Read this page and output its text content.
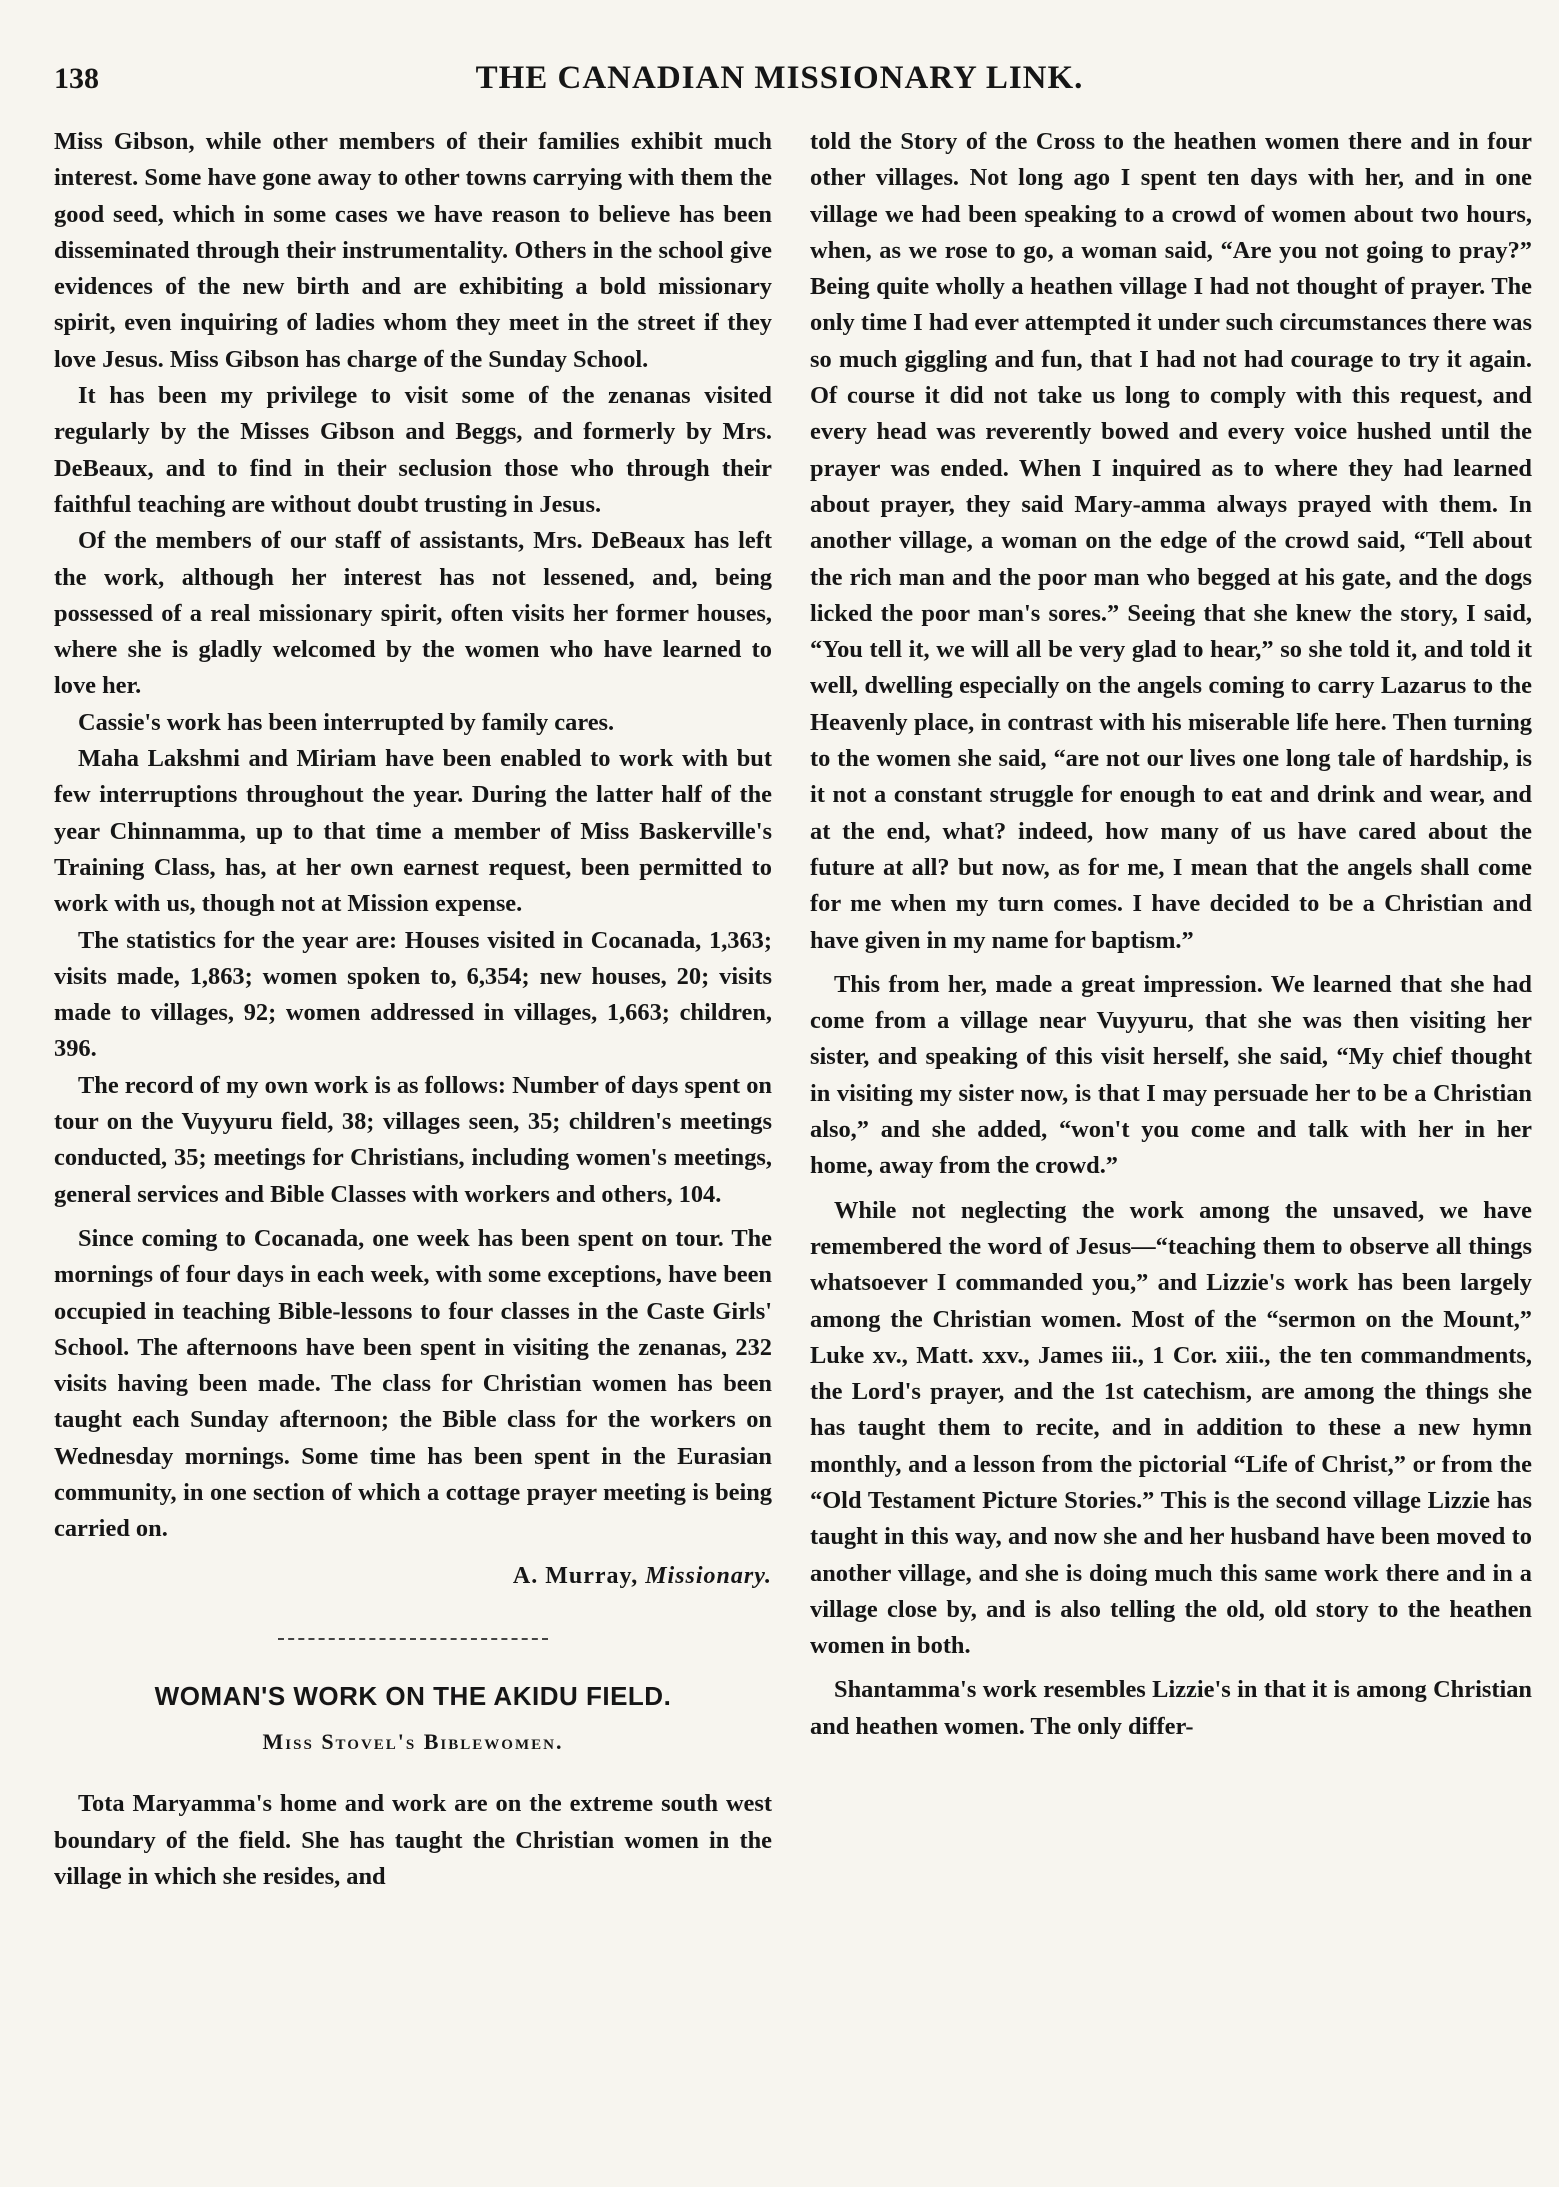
138	THE CANADIAN MISSIONARY LINK.

Miss Gibson, while other members of their families exhibit much interest. Some have gone away to other towns carrying with them the good seed, which in some cases we have reason to believe has been disseminated through their instrumentality. Others in the school give evidences of the new birth and are exhibiting a bold missionary spirit, even inquiring of ladies whom they meet in the street if they love Jesus. Miss Gibson has charge of the Sunday School.

It has been my privilege to visit some of the zenanas visited regularly by the Misses Gibson and Beggs, and formerly by Mrs. DeBeaux, and to find in their seclusion those who through their faithful teaching are without doubt trusting in Jesus.

Of the members of our staff of assistants, Mrs. DeBeaux has left the work, although her interest has not lessened, and, being possessed of a real missionary spirit, often visits her former houses, where she is gladly welcomed by the women who have learned to love her.

Cassie's work has been interrupted by family cares.

Maha Lakshmi and Miriam have been enabled to work with but few interruptions throughout the year. During the latter half of the year Chinnamma, up to that time a member of Miss Baskerville's Training Class, has, at her own earnest request, been permitted to work with us, though not at Mission expense.

The statistics for the year are: Houses visited in Cocanada, 1,363; visits made, 1,863; women spoken to, 6,354; new houses, 20; visits made to villages, 92; women addressed in villages, 1,663; children, 396.

The record of my own work is as follows: Number of days spent on tour on the Vuyyuru field, 38; villages seen, 35; children's meetings conducted, 35; meetings for Christians, including women's meetings, general services and Bible Classes with workers and others, 104.

Since coming to Cocanada, one week has been spent on tour. The mornings of four days in each week, with some exceptions, have been occupied in teaching Bible-lessons to four classes in the Caste Girls' School. The afternoons have been spent in visiting the zenanas, 232 visits having been made. The class for Christian women has been taught each Sunday afternoon; the Bible class for the workers on Wednesday mornings. Some time has been spent in the Eurasian community, in one section of which a cottage prayer meeting is being carried on.

A. Murray, Missionary.
WOMAN'S WORK ON THE AKIDU FIELD.
Miss Stovel's Biblewomen.

Tota Maryamma's home and work are on the extreme south west boundary of the field. She has taught the Christian women in the village in which she resides, and

told the Story of the Cross to the heathen women there and in four other villages. Not long ago I spent ten days with her, and in one village we had been speaking to a crowd of women about two hours, when, as we rose to go, a woman said, “Are you not going to pray?” Being quite wholly a heathen village I had not thought of prayer. The only time I had ever attempted it under such circumstances there was so much giggling and fun, that I had not had courage to try it again. Of course it did not take us long to comply with this request, and every head was reverently bowed and every voice hushed until the prayer was ended. When I inquired as to where they had learned about prayer, they said Mary-amma always prayed with them. In another village, a woman on the edge of the crowd said, “Tell about the rich man and the poor man who begged at his gate, and the dogs licked the poor man's sores.” Seeing that she knew the story, I said, “You tell it, we will all be very glad to hear,” so she told it, and told it well, dwelling especially on the angels coming to carry Lazarus to the Heavenly place, in contrast with his miserable life here. Then turning to the women she said, “are not our lives one long tale of hardship, is it not a constant struggle for enough to eat and drink and wear, and at the end, what? indeed, how many of us have cared about the future at all? but now, as for me, I mean that the angels shall come for me when my turn comes. I have decided to be a Christian and have given in my name for baptism.”

This from her, made a great impression. We learned that she had come from a village near Vuyyuru, that she was then visiting her sister, and speaking of this visit herself, she said, “My chief thought in visiting my sister now, is that I may persuade her to be a Christian also,” and she added, “won't you come and talk with her in her home, away from the crowd.”

While not neglecting the work among the unsaved, we have remembered the word of Jesus—“teaching them to observe all things whatsoever I commanded you,” and Lizzie's work has been largely among the Christian women. Most of the “sermon on the Mount,” Luke xv., Matt. xxv., James iii., 1 Cor. xiii., the ten commandments, the Lord's prayer, and the 1st catechism, are among the things she has taught them to recite, and in addition to these a new hymn monthly, and a lesson from the pictorial “Life of Christ,” or from the “Old Testament Picture Stories.” This is the second village Lizzie has taught in this way, and now she and her husband have been moved to another village, and she is doing much this same work there and in a village close by, and is also telling the old, old story to the heathen women in both.

Shantamma's work resembles Lizzie's in that it is among Christian and heathen women. The only differ-
